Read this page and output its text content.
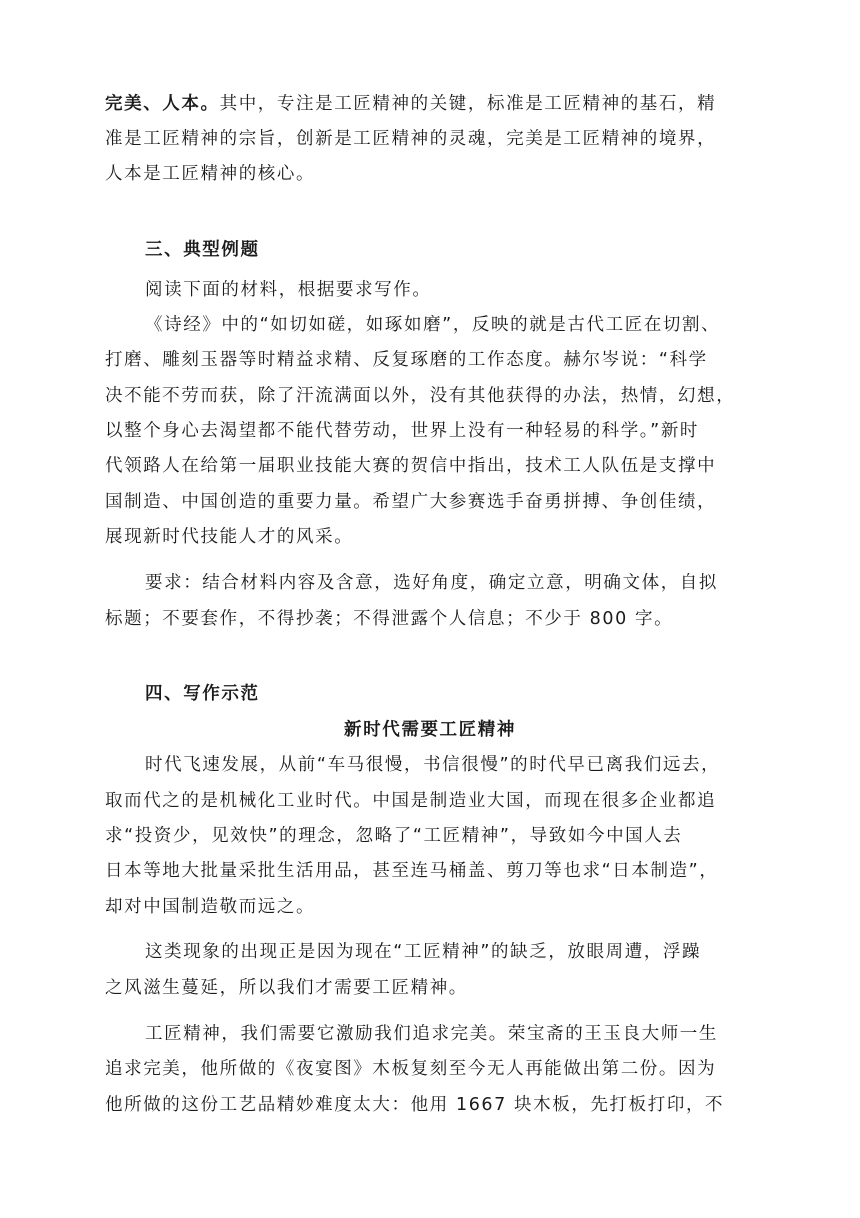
完美、人本。其中，专注是工匠精神的关键，标准是工匠精神的基石，精
准是工匠精神的宗旨，创新是工匠精神的灵魂，完美是工匠精神的境界，
人本是工匠精神的核心。
三、典型例题
阅读下面的材料，根据要求写作。
《诗经》中的“如切如磋，如琢如磨”，反映的就是古代工匠在切割、
打磨、雕刻玉器等时精益求精、反复琢磨的工作态度。赫尔岑说：“科学
决不能不劳而获，除了汗流满面以外，没有其他获得的办法，热情，幻想，
以整个身心去渴望都不能代替劳动，世界上没有一种轻易的科学。”新时
代领路人在给第一届职业技能大赛的贺信中指出，技术工人队伍是支撑中
国制造、中国创造的重要力量。希望广大参赛选手奋勇拼搏、争创佳绩，
展现新时代技能人才的风采。
要求：结合材料内容及含意，选好角度，确定立意，明确文体，自拟
标题；不要套作，不得抄袭；不得泄露个人信息；不少于 800 字。
四、写作示范
新时代需要工匠精神
时代飞速发展，从前“车马很慢，书信很慢”的时代早已离我们远去，
取而代之的是机械化工业时代。中国是制造业大国，而现在很多企业都追
求“投资少，见效快”的理念，忽略了“工匠精神”，导致如今中国人去
日本等地大批量采批生活用品，甚至连马桶盖、剪刀等也求“日本制造”，
却对中国制造敬而远之。
这类现象的出现正是因为现在“工匠精神”的缺乏，放眼周遭，浮躁
之风滋生蔓延，所以我们才需要工匠精神。
工匠精神，我们需要它激励我们追求完美。荣宝斋的王玉良大师一生
追求完美，他所做的《夜宴图》木板复刻至今无人再能做出第二份。因为
他所做的这份工艺品精妙难度太大：他用 1667 块木板，先打板打印，不
